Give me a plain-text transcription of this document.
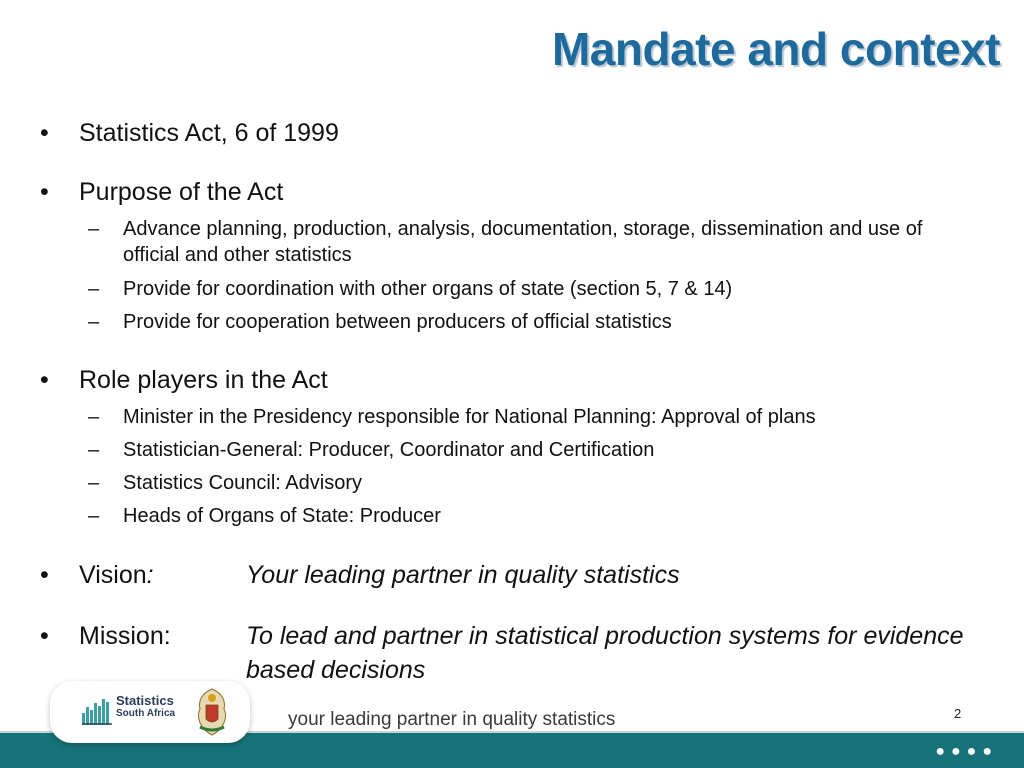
Mandate and context
•	Statistics Act, 6 of 1999
•	Purpose of the Act
– Advance planning, production, analysis, documentation, storage, dissemination and use of official and other statistics
– Provide for coordination with other organs of state (section 5, 7 & 14)
– Provide for cooperation between producers of official statistics
•	Role players in the Act
– Minister in the Presidency responsible for National Planning: Approval of plans
– Statistician-General: Producer, Coordinator and Certification
– Statistics Council: Advisory
– Heads of Organs of State: Producer
•	Vision:	Your leading partner in quality statistics
•	Mission:	To lead and partner in statistical production systems for evidence based decisions
●●●●
Statistics
South Africa	your leading partner in quality statistics	2
